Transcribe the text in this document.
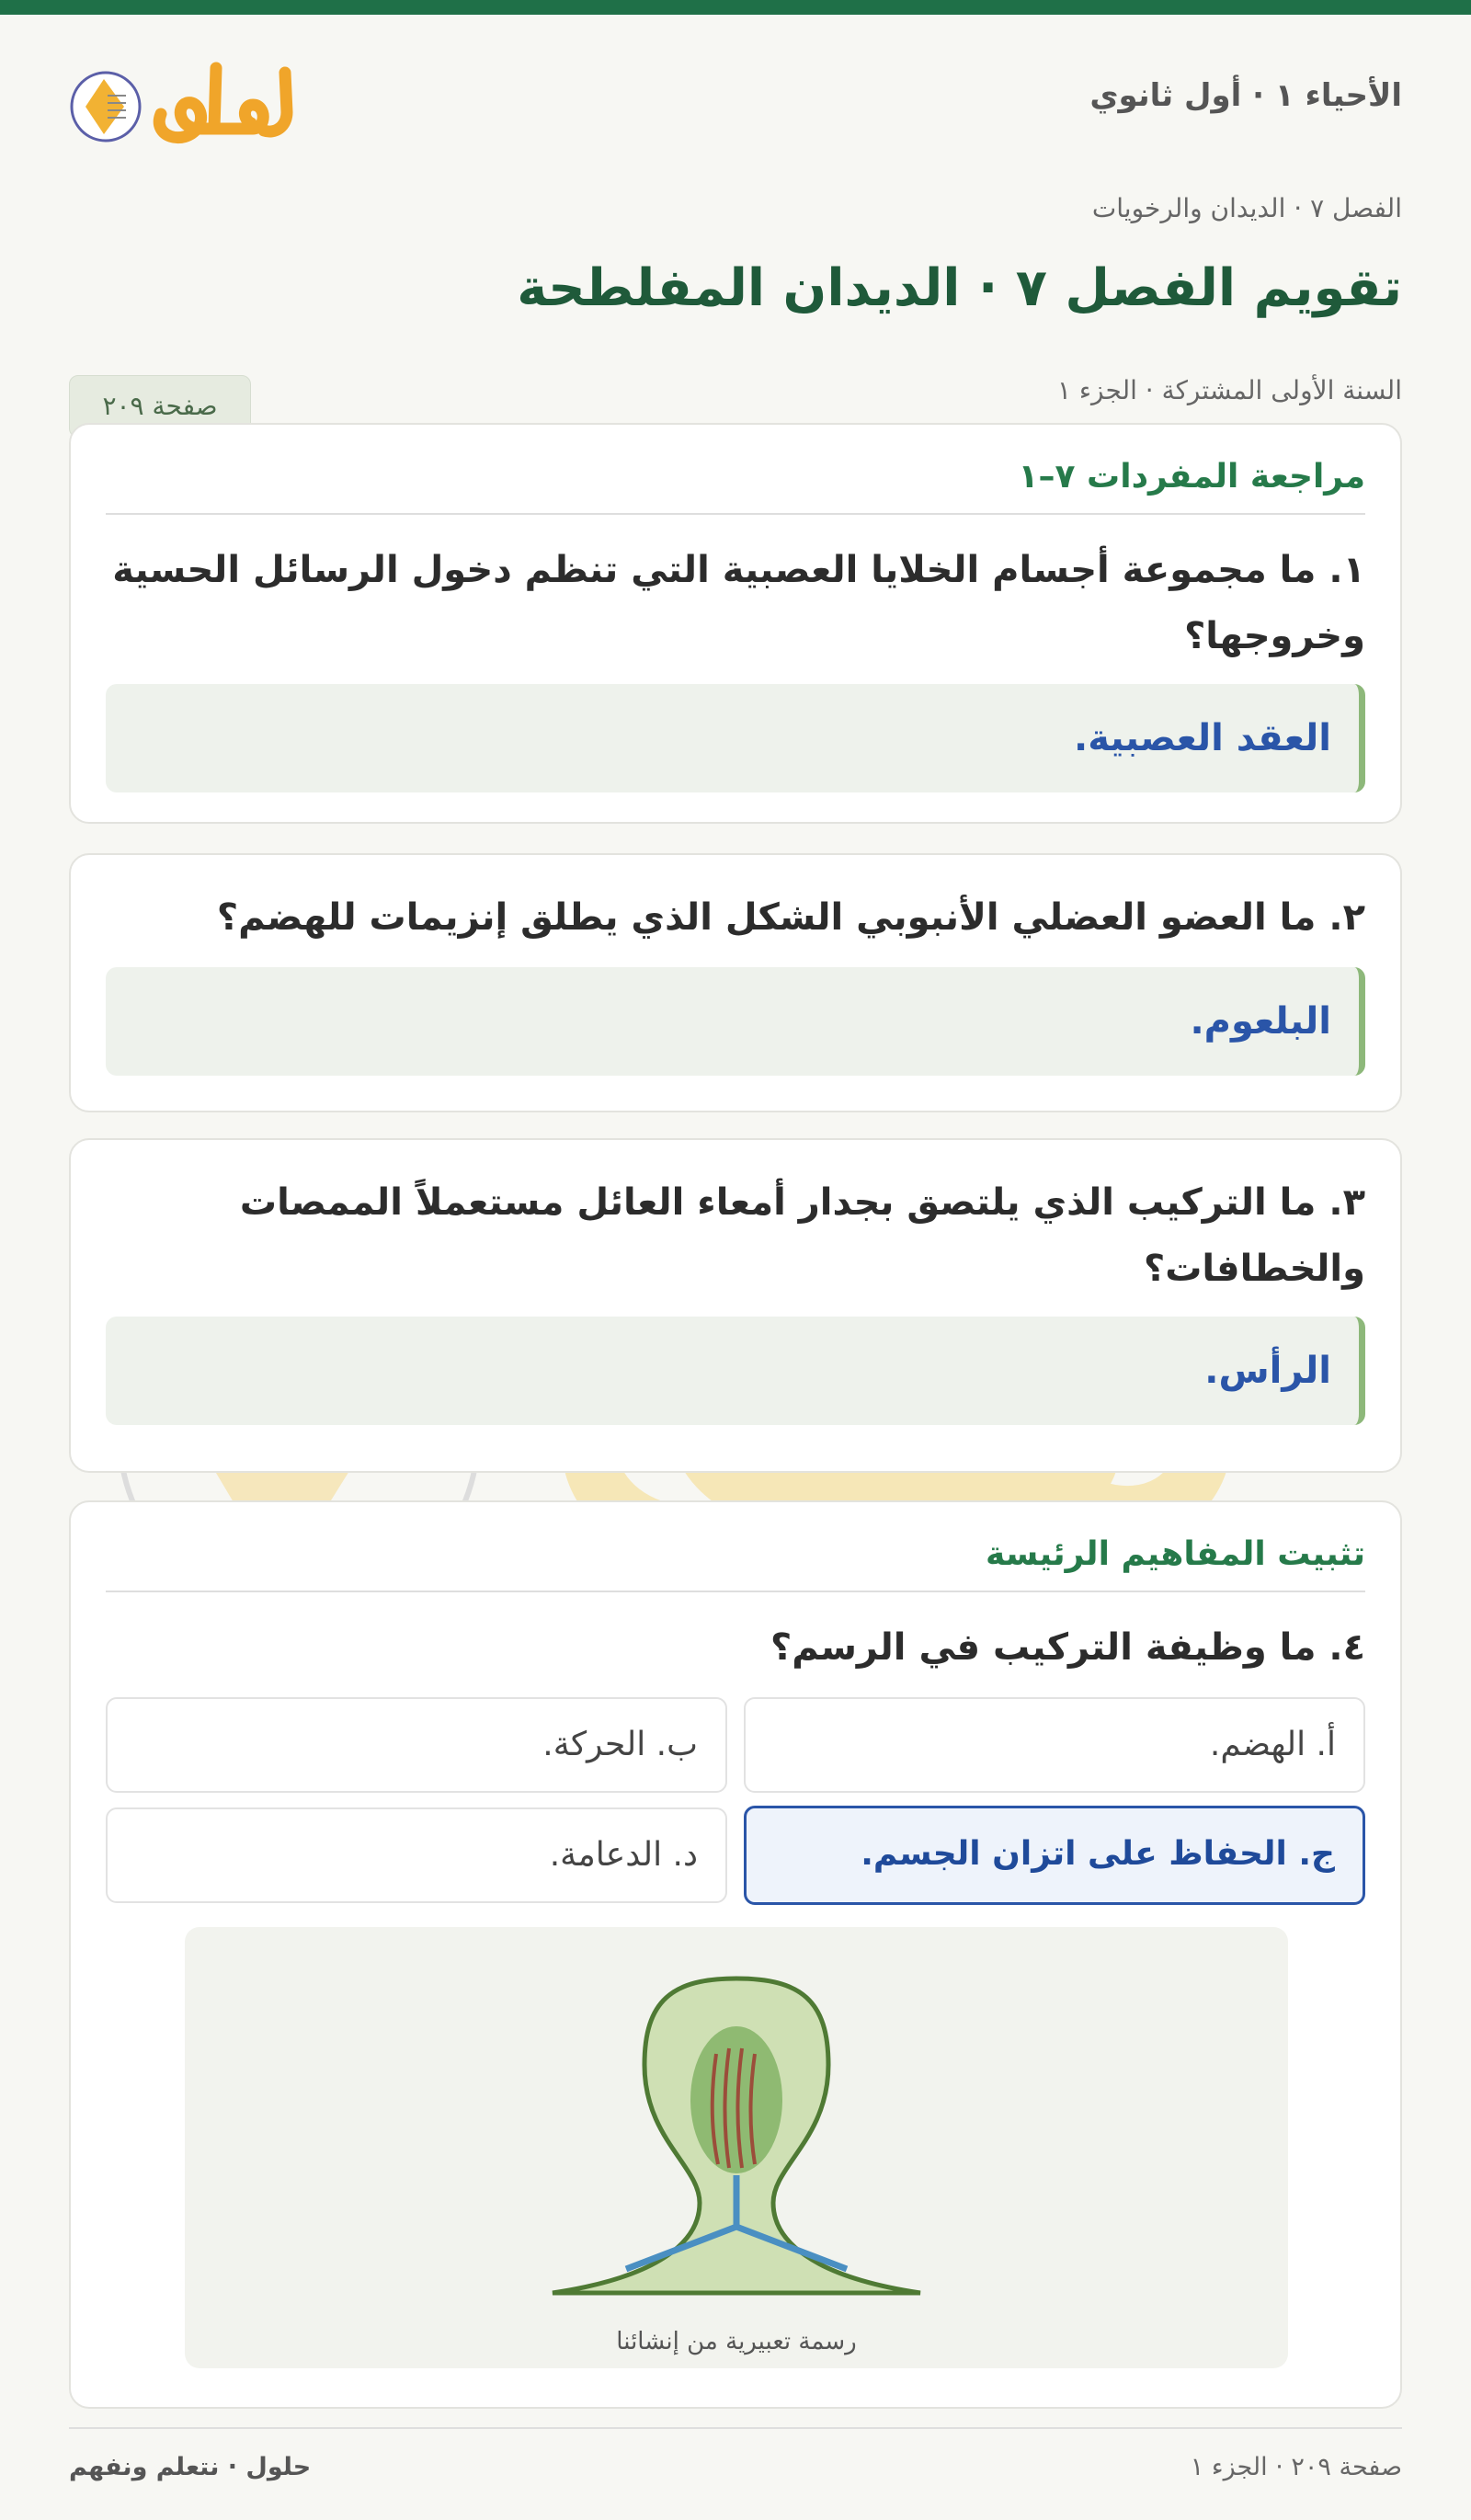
الأحياء ١ · أول ثانوي
الفصل ٧ · الديدان والرخويات
تقويم الفصل ٧ · الديدان المفلطحة
السنة الأولى المشتركة · الجزء ١
صفحة ٢٠٩
مراجعة المفردات ٧–١
١. ما مجموعة أجسام الخلايا العصبية التي تنظم دخول الرسائل الحسية وخروجها؟
العقد العصبية.
٢. ما العضو العضلي الأنبوبي الشكل الذي يطلق إنزيمات للهضم؟
البلعوم.
٣. ما التركيب الذي يلتصق بجدار أمعاء العائل مستعملاً الممصات والخطافات؟
الرأس.
تثبيت المفاهيم الرئيسة
٤. ما وظيفة التركيب في الرسم؟
أ. الهضم.
ب. الحركة.
ج. الحفاظ على اتزان الجسم.
د. الدعامة.
رسمة تعبيرية من إنشائنا
حلول · نتعلم ونفهم	صفحة ٢٠٩ · الجزء ١
